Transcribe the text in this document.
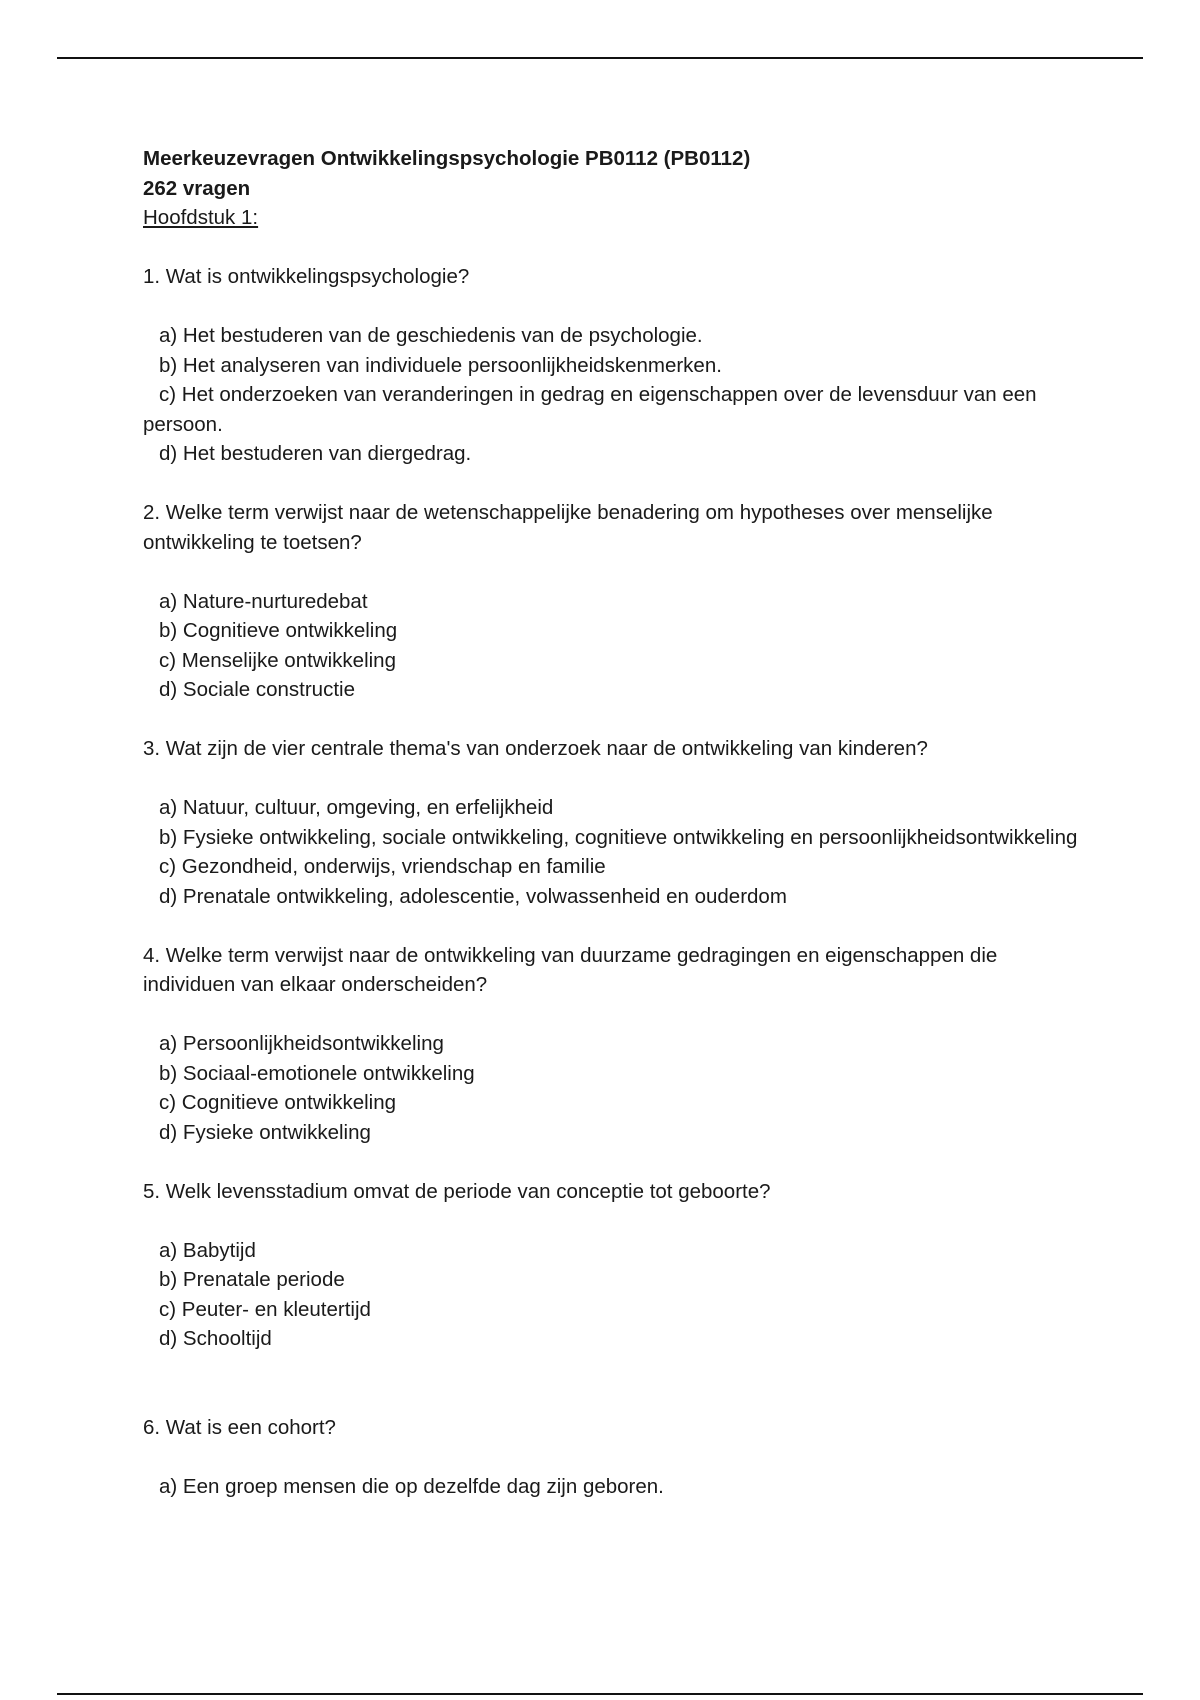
Meerkeuzevragen Ontwikkelingspsychologie PB0112 (PB0112)
262 vragen
Hoofdstuk 1:

1. Wat is ontwikkelingspsychologie?

a) Het bestuderen van de geschiedenis van de psychologie.

b) Het analyseren van individuele persoonlijkheidskenmerken.

c) Het onderzoeken van veranderingen in gedrag en eigenschappen over de levensduur van een persoon.

d) Het bestuderen van diergedrag.

2. Welke term verwijst naar de wetenschappelijke benadering om hypotheses over menselijke ontwikkeling te toetsen?

a) Nature-nurturedebat

b) Cognitieve ontwikkeling

c) Menselijke ontwikkeling

d) Sociale constructie

3. Wat zijn de vier centrale thema's van onderzoek naar de ontwikkeling van kinderen?

a) Natuur, cultuur, omgeving, en erfelijkheid

b) Fysieke ontwikkeling, sociale ontwikkeling, cognitieve ontwikkeling en persoonlijkheidsontwikkeling

c) Gezondheid, onderwijs, vriendschap en familie

d) Prenatale ontwikkeling, adolescentie, volwassenheid en ouderdom

4. Welke term verwijst naar de ontwikkeling van duurzame gedragingen en eigenschappen die individuen van elkaar onderscheiden?

a) Persoonlijkheidsontwikkeling

b) Sociaal-emotionele ontwikkeling

c) Cognitieve ontwikkeling

d) Fysieke ontwikkeling

5. Welk levensstadium omvat de periode van conceptie tot geboorte?

a) Babytijd

b) Prenatale periode

c) Peuter- en kleutertijd

d) Schooltijd

6. Wat is een cohort?

a) Een groep mensen die op dezelfde dag zijn geboren.
